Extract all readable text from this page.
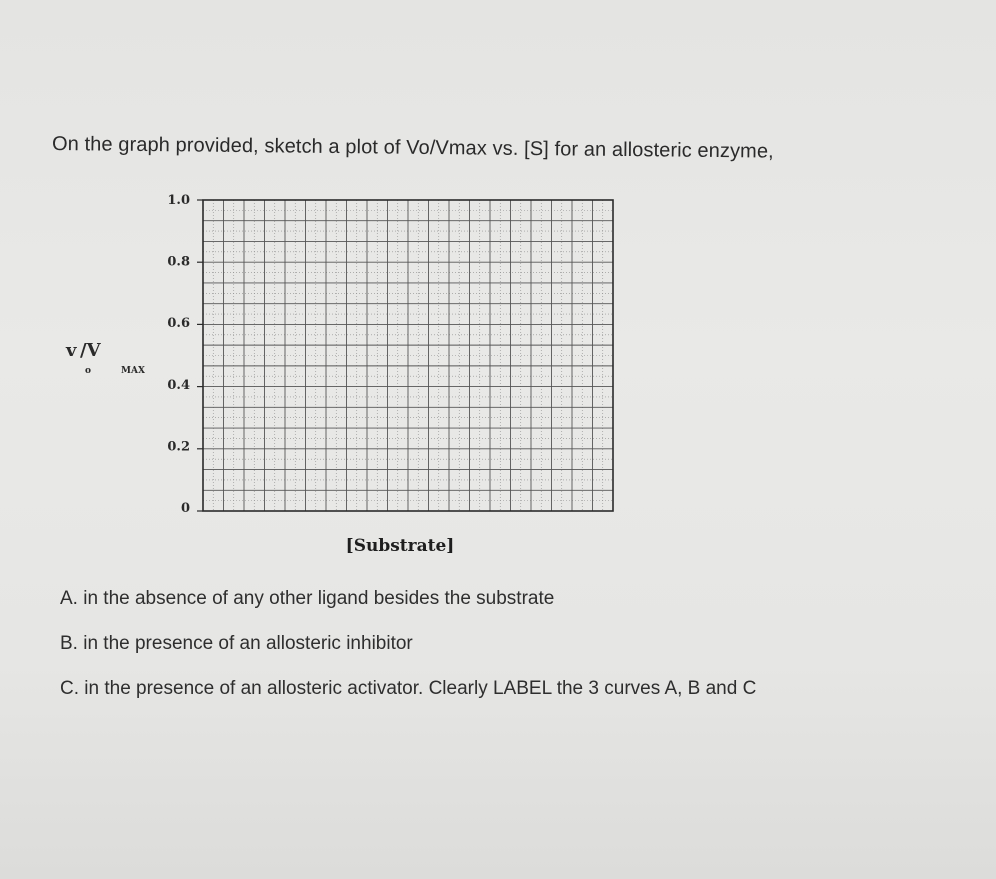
On the graph provided, sketch a plot of Vo/Vmax vs. [S] for an allosteric enzyme,
1.0
0.8
0.6
0.4
0.2
0
v /V
o	MAX
[Substrate]
A. in the absence of any other ligand besides the substrate
B. in the presence of an allosteric inhibitor
C. in the presence of an allosteric activator. Clearly LABEL the 3 curves A, B and C
